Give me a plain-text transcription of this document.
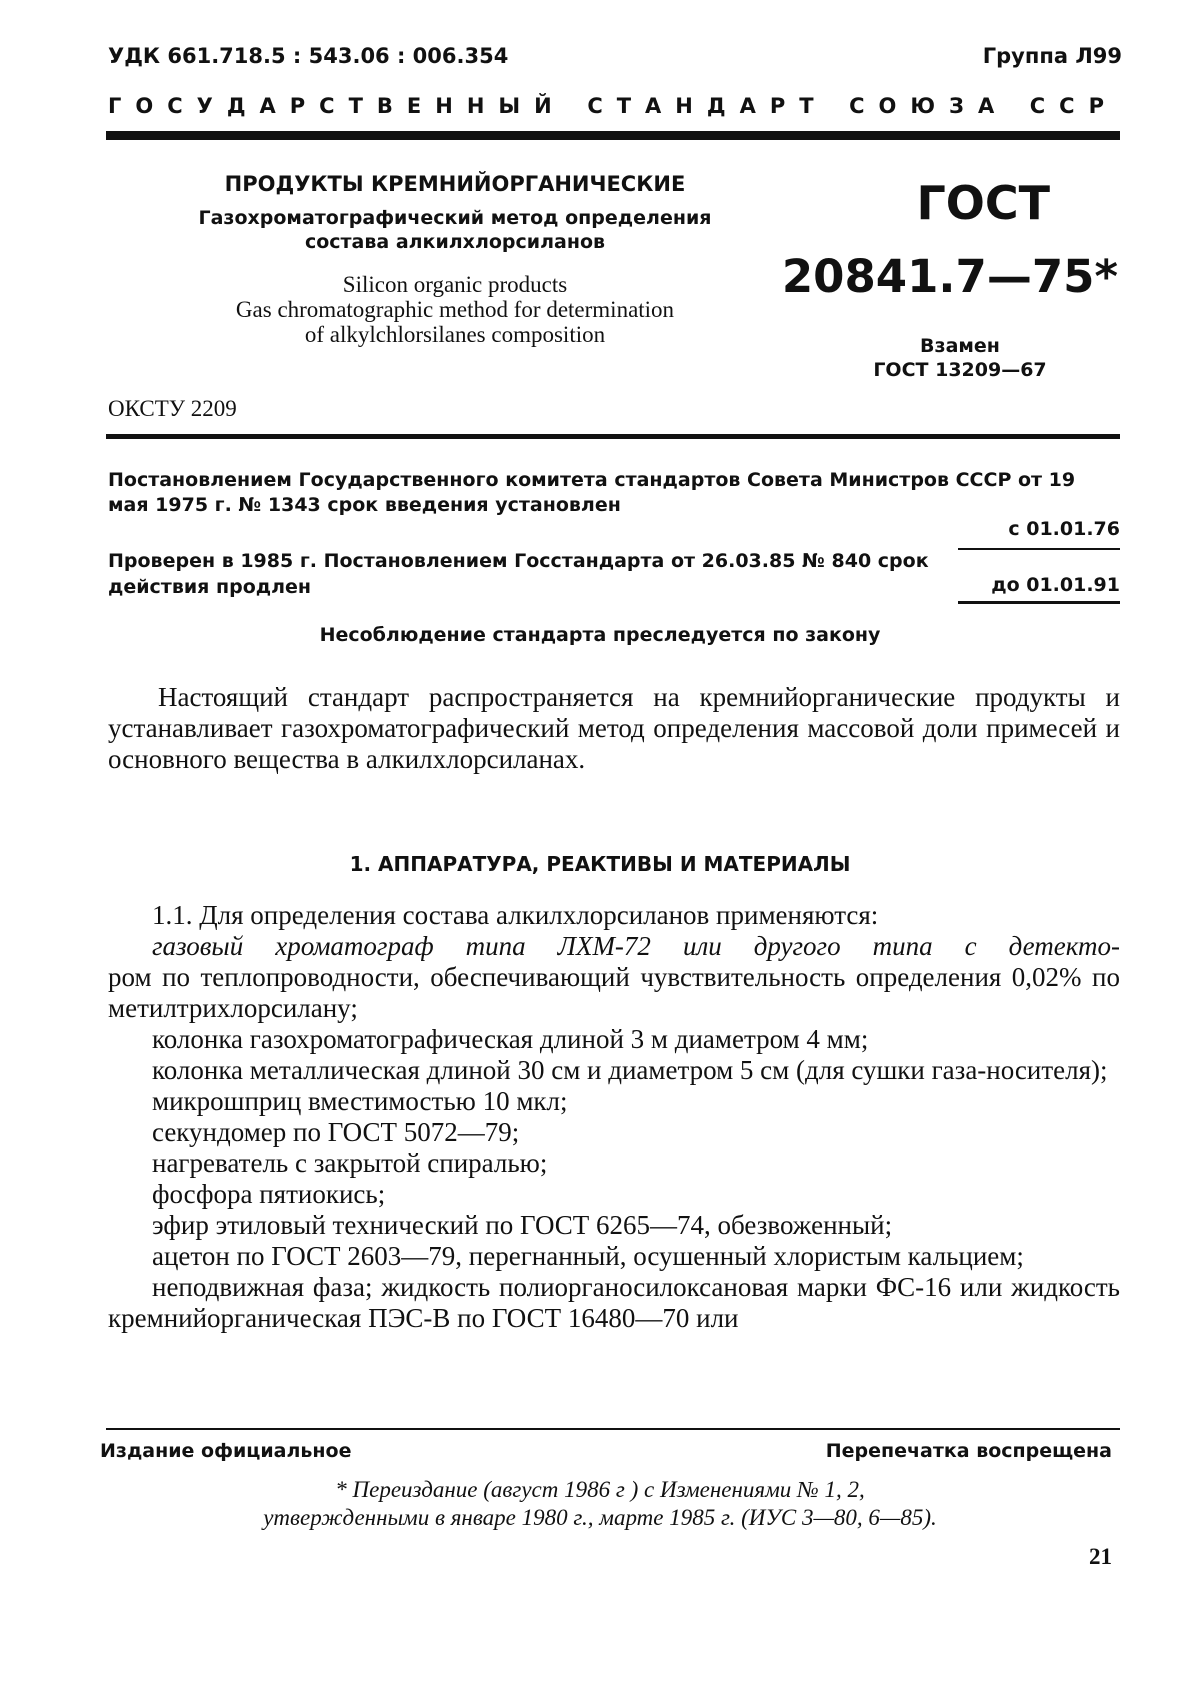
УДК 661.718.5 : 543.06 : 006.354	Группа Л99
ГОСУДАРСТВЕННЫЙ СТАНДАРТ СОЮЗА ССР
ПРОДУКТЫ КРЕМНИЙОРГАНИЧЕСКИЕ
Газохроматографический метод определения
состава алкилхлорсиланов
Silicon organic products
Gas chromatographic method for determination
of alkylchlorsilanes composition
ГОСТ
20841.7—75*
Взамен
ГОСТ 13209—67
ОКСТУ 2209
Постановлением Государственного комитета стандартов Совета Министров СССР от 19 мая 1975 г. № 1343 срок введения установлен
с 01.01.76
Проверен в 1985 г. Постановлением Госстандарта от 26.03.85 № 840 срок действия продлен	до 01.01.91
Несоблюдение стандарта преследуется по закону
Настоящий стандарт распространяется на кремнийорганические продукты и устанавливает газохроматографический метод определения массовой доли примесей и основного вещества в алкилхлорсиланах.
1. АППАРАТУРА, РЕАКТИВЫ И МАТЕРИАЛЫ
1.1. Для определения состава алкилхлорсиланов применяются:
газовый хроматограф типа ЛХМ-72 или другого типа с детекто-
ром по теплопроводности, обеспечивающий чувствительность определения 0,02% по метилтрихлорсилану;
колонка газохроматографическая длиной 3 м диаметром 4 мм;
колонка металлическая длиной 30 см и диаметром 5 см (для сушки газа-носителя);
микрошприц вместимостью 10 мкл;
секундомер по ГОСТ 5072—79;
нагреватель с закрытой спиралью;
фосфора пятиокись;
эфир этиловый технический по ГОСТ 6265—74, обезвоженный;
ацетон по ГОСТ 2603—79, перегнанный, осушенный хлористым кальцием;
неподвижная фаза; жидкость полиорганосилоксановая марки ФС-16 или жидкость кремнийорганическая ПЭС-В по ГОСТ 16480—70 или
Издание официальное	Перепечатка воспрещена
* Переиздание (август 1986 г ) с Изменениями № 1, 2,
утвержденными в январе 1980 г., марте 1985 г. (ИУС 3—80, 6—85).
21
